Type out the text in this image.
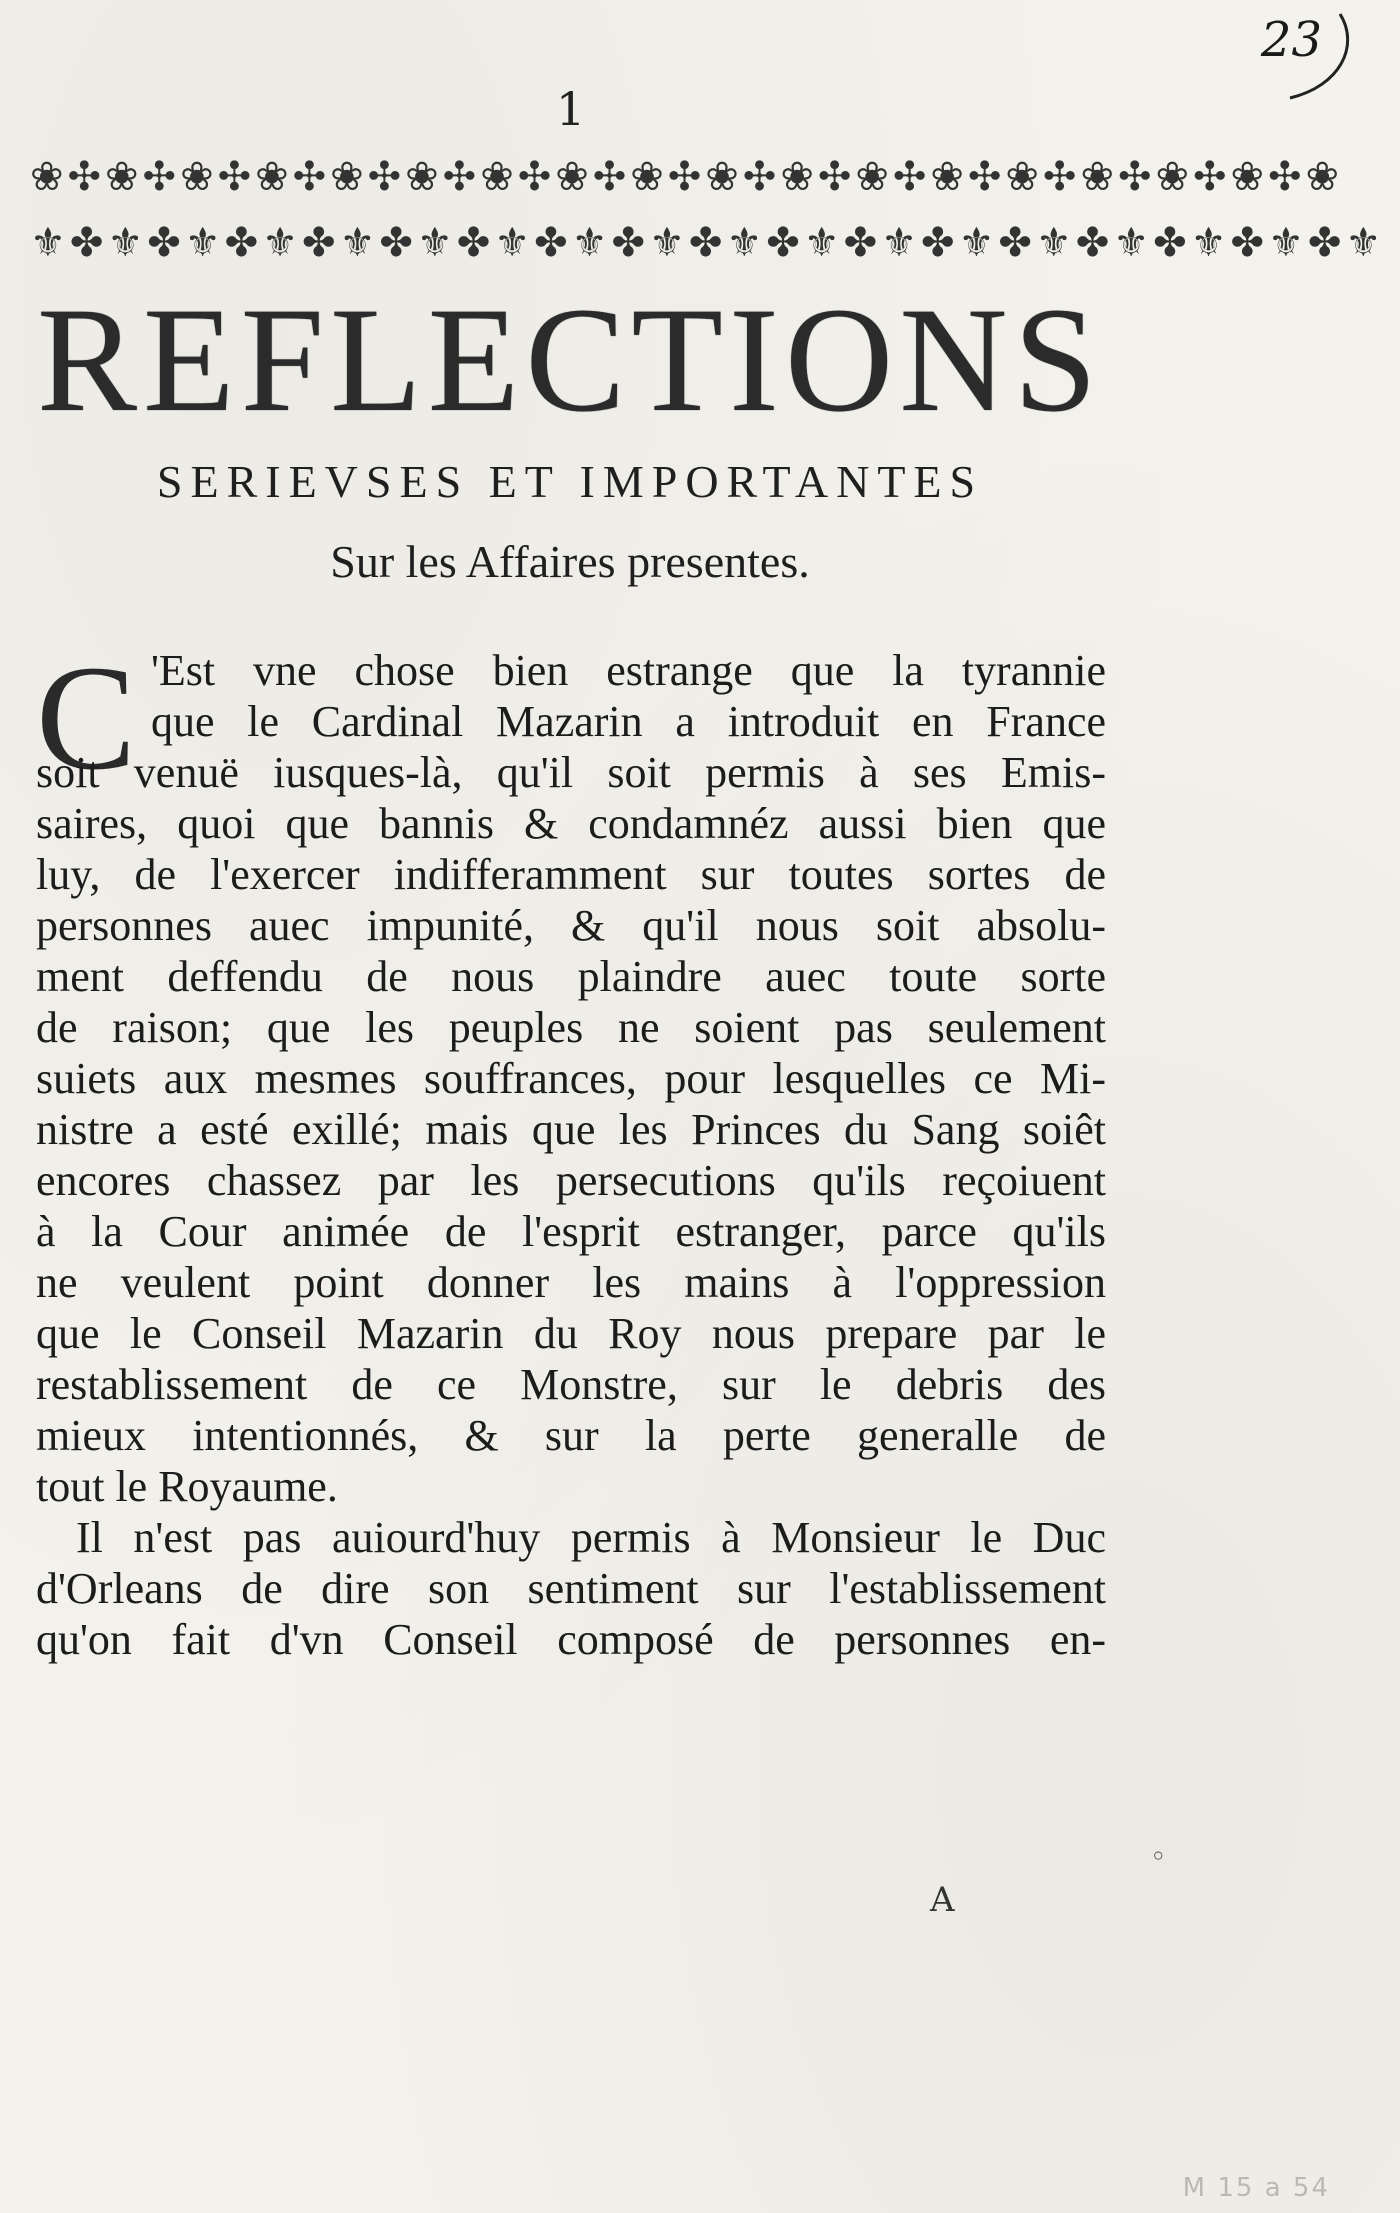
23
1
❀✣❀✣❀✣❀✣❀✣❀✣❀✣❀✣❀✣❀✣❀✣❀✣❀✣❀✣❀✣❀✣❀✣❀
⚜✤⚜✤⚜✤⚜✤⚜✤⚜✤⚜✤⚜✤⚜✤⚜✤⚜✤⚜✤⚜✤⚜✤⚜✤⚜✤⚜✤⚜
REFLECTIONS
SERIEVSES ET IMPORTANTES
Sur les Affaires presentes.
C 'Est vne chose bien estrange que la tyrannie
que le Cardinal Mazarin a introduit en France
soit venuë iusques-là, qu'il soit permis à ses Emis-
saires, quoi que bannis & condamnéz aussi bien que
luy, de l'exercer indifferamment sur toutes sortes de
personnes auec impunité, & qu'il nous soit absolu-
ment deffendu de nous plaindre auec toute sorte
de raison; que les peuples ne soient pas seulement
suiets aux mesmes souffrances, pour lesquelles ce Mi-
nistre a esté exillé; mais que les Princes du Sang soiêt
encores chassez par les persecutions qu'ils reçoiuent
à la Cour animée de l'esprit estranger, parce qu'ils
ne veulent point donner les mains à l'oppression
que le Conseil Mazarin du Roy nous prepare par le
restablissement de ce Monstre, sur le debris des
mieux intentionnés, & sur la perte generalle de
tout le Royaume.
Il n'est pas auiourd'huy permis à Monsieur le Duc
d'Orleans de dire son sentiment sur l'establissement
qu'on fait d'vn Conseil composé de personnes en-
◦
A
M 15 a 54
